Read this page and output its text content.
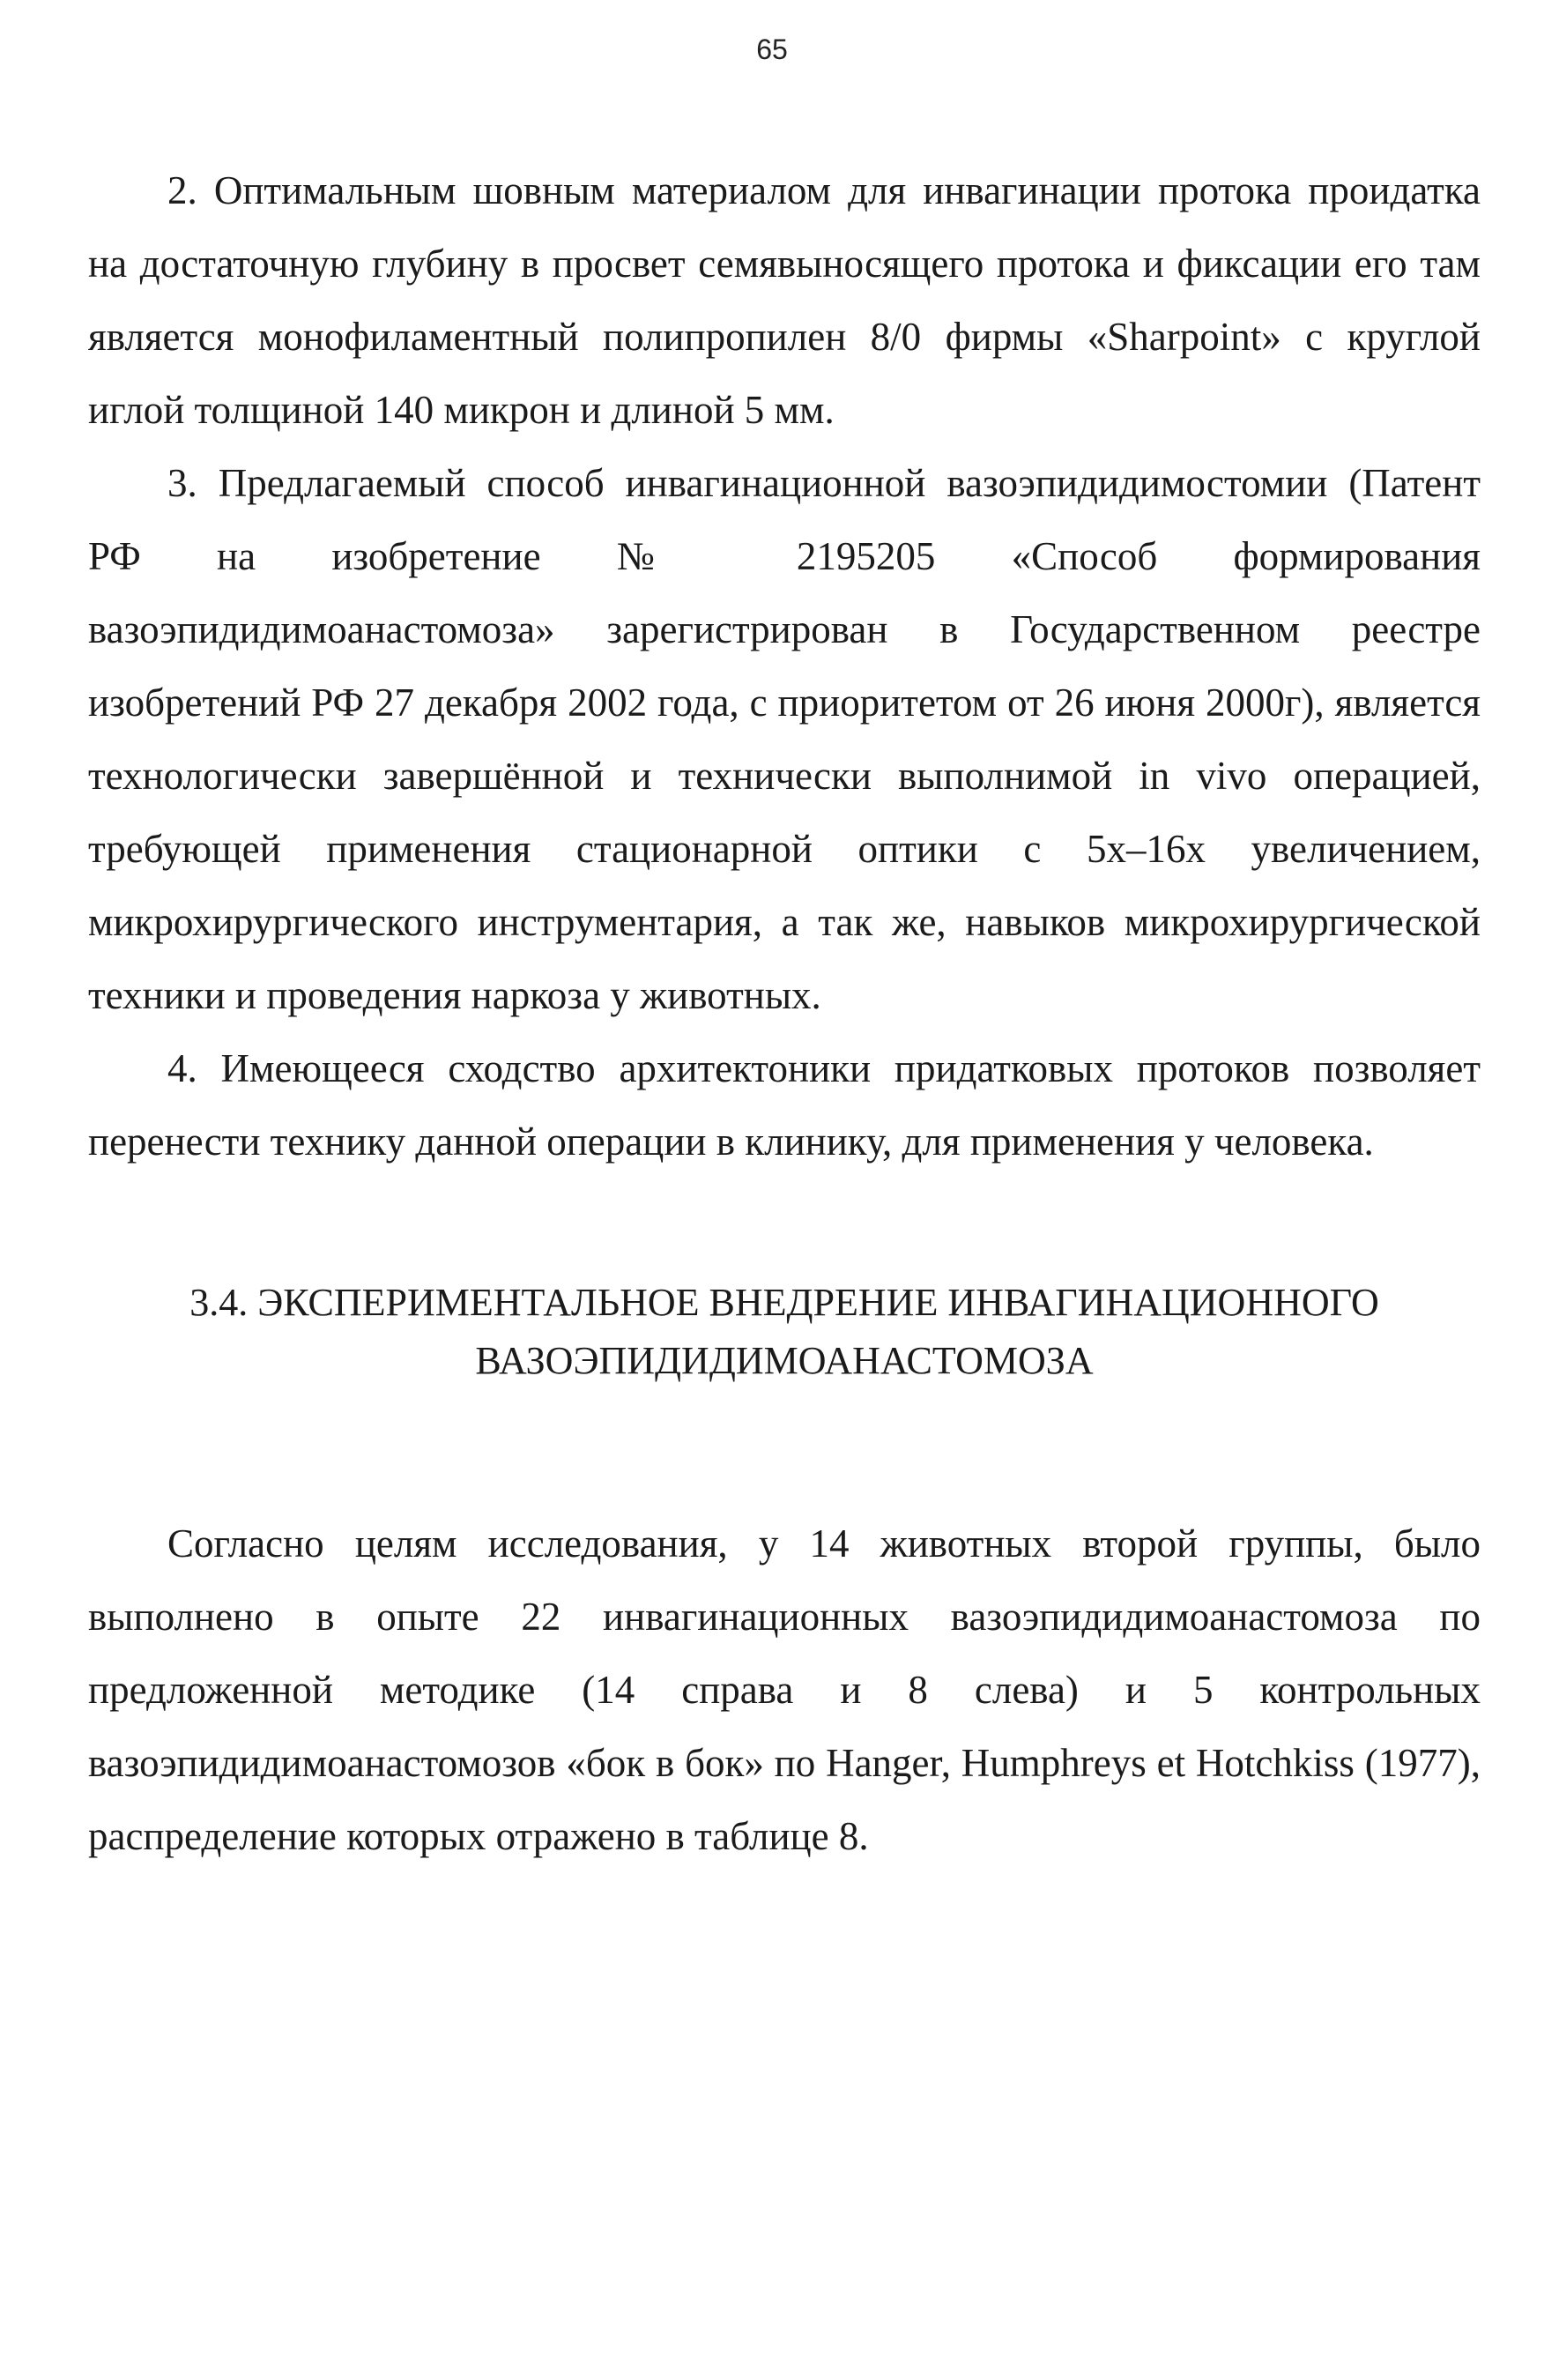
65

2. Оптимальным шовным материалом для инвагинации протока проидатка на достаточную глубину в просвет семявыносящего протока и фиксации его там является монофиламентный полипропилен 8/0 фирмы «Sharpoint» с круглой иглой толщиной 140 микрон и длиной 5 мм.

3. Предлагаемый способ инвагинационной вазоэпидидимостомии (Патент РФ на изобретение № 2195205 «Способ формирования вазоэпидидимоанастомоза» зарегистрирован в Государственном реестре изобретений РФ 27 декабря 2002 года, с приоритетом от 26 июня 2000г), является технологически завершённой и технически выполнимой in vivo операцией, требующей применения стационарной оптики с 5х–16х увеличением, микрохирургического инструментария, а так же, навыков микрохирургической техники и проведения наркоза у животных.

4. Имеющееся сходство архитектоники придатковых протоков позволяет перенести технику данной операции в клинику, для применения у человека.

3.4. ЭКСПЕРИМЕНТАЛЬНОЕ ВНЕДРЕНИЕ ИНВАГИНАЦИОННОГО
ВАЗОЭПИДИДИМОАНАСТОМОЗА

Согласно целям исследования, у 14 животных второй группы, было выполнено в опыте 22 инвагинационных вазоэпидидимоанастомоза по предложенной методике (14 справа и 8 слева) и 5 контрольных вазоэпидидимоанастомозов «бок в бок» по Hanger, Humphreys et Hotchkiss (1977), распределение которых отражено в таблице 8.
